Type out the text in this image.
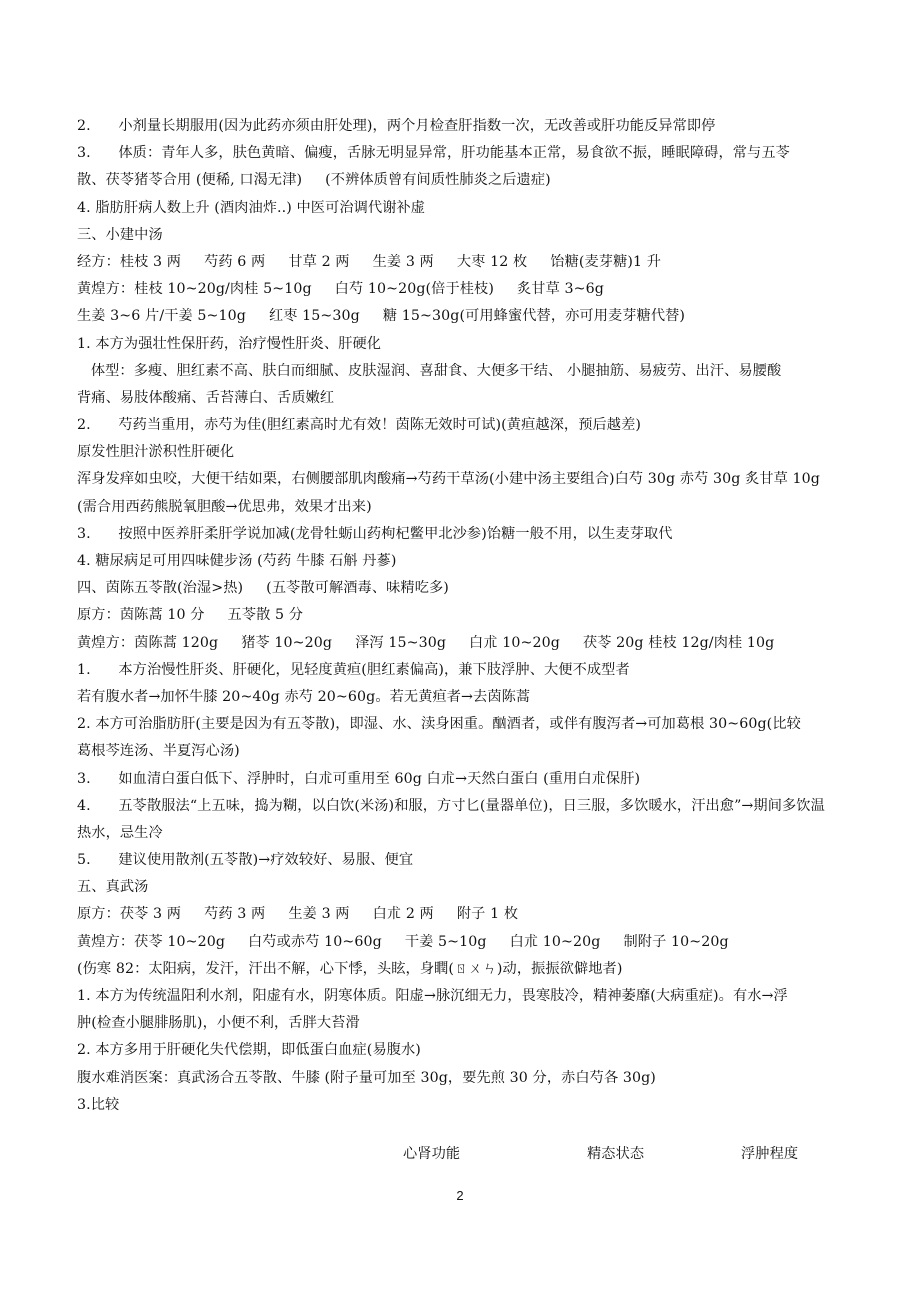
2.      小剂量长期服用(因为此药亦须由肝处理)，两个月检查肝指数一次，无改善或肝功能反异常即停
3.      体质：青年人多，肤色黄暗、偏瘦，舌脉无明显异常，肝功能基本正常，易食欲不振，睡眠障碍，常与五苓
散、茯苓猪苓合用 (便稀, 口渴无津)     (不辨体质曾有间质性肺炎之后遗症)
4. 脂肪肝病人数上升 (酒肉油炸..) 中医可治调代谢补虚
三、小建中汤
经方：桂枝 3 两     芍药 6 两     甘草 2 两     生姜 3 两     大枣 12 枚     饴糖(麦芽糖)1 升
黄煌方：桂枝 10~20g/肉桂 5~10g     白芍 10~20g(倍于桂枝)     炙甘草 3~6g
生姜 3~6 片/干姜 5~10g     红枣 15~30g     糖 15~30g(可用蜂蜜代替，亦可用麦芽糖代替)
1. 本方为强壮性保肝药，治疗慢性肝炎、肝硬化
体型：多瘦、胆红素不高、肤白而细腻、皮肤湿润、喜甜食、大便多干结、 小腿抽筋、易疲劳、出汗、易腰酸
背痛、易肢体酸痛、舌苔薄白、舌质嫩红
2.      芍药当重用，赤芍为佳(胆红素高时尤有效！茵陈无效时可试)(黄疸越深，预后越差)
原发性胆汁淤积性肝硬化
浑身发痒如虫咬，大便干结如栗，右侧腰部肌肉酸痛→芍药干草汤(小建中汤主要组合)白芍 30g 赤芍 30g 炙甘草 10g
(需合用西药熊脱氧胆酸→优思弗，效果才出来)
3.      按照中医养肝柔肝学说加减(龙骨牡蛎山药枸杞鳖甲北沙参)饴糖一般不用，以生麦芽取代
4. 糖尿病足可用四味健步汤 (芍药 牛膝 石斛 丹蔘)
四、茵陈五苓散(治湿>热)     (五苓散可解酒毒、味精吃多)
原方：茵陈蒿 10 分     五苓散 5 分
黄煌方：茵陈蒿 120g     猪苓 10~20g     泽泻 15~30g     白朮 10~20g     茯苓 20g 桂枝 12g/肉桂 10g
1.      本方治慢性肝炎、肝硬化，见轻度黄疸(胆红素偏高)，兼下肢浮肿、大便不成型者
若有腹水者→加怀牛膝 20~40g 赤芍 20~60g。若无黄疸者→去茵陈蒿
2. 本方可治脂肪肝(主要是因为有五苓散)，即湿、水、渎身困重。酗酒者，或伴有腹泻者→可加葛根 30~60g(比较
葛根芩连汤、半夏泻心汤)
3.      如血清白蛋白低下、浮肿时，白朮可重用至 60g 白朮→天然白蛋白 (重用白朮保肝)
4.      五苓散服法“上五味，捣为糊，以白饮(米汤)和服，方寸匕(量器单位)，日三服，多饮暖水，汗出愈”→期间多饮温
热水，忌生冷
5.      建议使用散剂(五苓散)→疗效较好、易服、便宜
五、真武汤
原方：茯苓 3 两     芍药 3 两     生姜 3 两     白朮 2 两     附子 1 枚
黄煌方：茯苓 10~20g     白芍或赤芍 10~60g     干姜 5~10g     白朮 10~20g     制附子 10~20g
(伤寒 82：太阳病，发汗，汗出不解，心下悸，头眩，身瞤(ㄖㄨㄣ)动，振振欲僻地者)
1. 本方为传统温阳利水剂，阳虚有水，阴寒体质。阳虚→脉沉细无力，畏寒肢冷，精神萎靡(大病重症)。有水→浮
肿(检查小腿腓肠肌)，小便不利，舌胖大苔滑
2. 本方多用于肝硬化失代偿期，即低蛋白血症(易腹水)
腹水难消医案：真武汤合五苓散、牛膝 (附子量可加至 30g，要先煎 30 分，赤白芍各 30g)
3.比较
心肾功能	精态状态	浮肿程度
2
